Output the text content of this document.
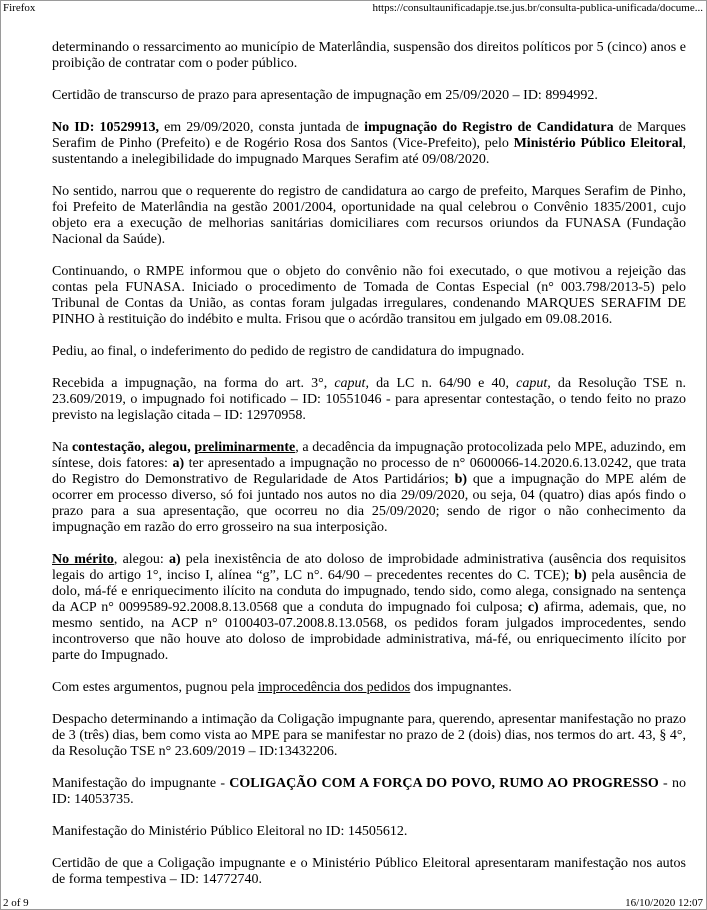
Firefox	https://consultaunificadapje.tse.jus.br/consulta-publica-unificada/docume...

determinando o ressarcimento ao município de Materlândia, suspensão dos direitos políticos por 5 (cinco) anos e proibição de contratar com o poder público.

Certidão de transcurso de prazo para apresentação de impugnação em 25/09/2020 – ID: 8994992.

No ID: 10529913, em 29/09/2020, consta juntada de impugnação do Registro de Candidatura de Marques Serafim de Pinho (Prefeito) e de Rogério Rosa dos Santos (Vice-Prefeito), pelo Ministério Público Eleitoral, sustentando a inelegibilidade do impugnado Marques Serafim até 09/08/2020.

No sentido, narrou que o requerente do registro de candidatura ao cargo de prefeito, Marques Serafim de Pinho, foi Prefeito de Materlândia na gestão 2001/2004, oportunidade na qual celebrou o Convênio 1835/2001, cujo objeto era a execução de melhorias sanitárias domiciliares com recursos oriundos da FUNASA (Fundação Nacional da Saúde).

Continuando, o RMPE informou que o objeto do convênio não foi executado, o que motivou a rejeição das contas pela FUNASA. Iniciado o procedimento de Tomada de Contas Especial (n° 003.798/2013-5) pelo Tribunal de Contas da União, as contas foram julgadas irregulares, condenando MARQUES SERAFIM DE PINHO à restituição do indébito e multa. Frisou que o acórdão transitou em julgado em 09.08.2016.

Pediu, ao final, o indeferimento do pedido de registro de candidatura do impugnado.

Recebida a impugnação, na forma do art. 3°, caput, da LC n. 64/90 e 40, caput, da Resolução TSE n. 23.609/2019, o impugnado foi notificado – ID: 10551046 - para apresentar contestação, o tendo feito no prazo previsto na legislação citada – ID: 12970958.

Na contestação, alegou, preliminarmente, a decadência da impugnação protocolizada pelo MPE, aduzindo, em síntese, dois fatores: a) ter apresentado a impugnação no processo de n° 0600066-14.2020.6.13.0242, que trata do Registro do Demonstrativo de Regularidade de Atos Partidários; b) que a impugnação do MPE além de ocorrer em processo diverso, só foi juntado nos autos no dia 29/09/2020, ou seja, 04 (quatro) dias após findo o prazo para a sua apresentação, que ocorreu no dia 25/09/2020; sendo de rigor o não conhecimento da impugnação em razão do erro grosseiro na sua interposição.

No mérito, alegou: a) pela inexistência de ato doloso de improbidade administrativa (ausência dos requisitos legais do artigo 1°, inciso I, alínea “g”, LC n°. 64/90 – precedentes recentes do C. TCE); b) pela ausência de dolo, má-fé e enriquecimento ilícito na conduta do impugnado, tendo sido, como alega, consignado na sentença da ACP n° 0099589-92.2008.8.13.0568 que a conduta do impugnado foi culposa; c) afirma, ademais, que, no mesmo sentido, na ACP n° 0100403-07.2008.8.13.0568, os pedidos foram julgados improcedentes, sendo incontroverso que não houve ato doloso de improbidade administrativa, má-fé, ou enriquecimento ilícito por parte do Impugnado.

Com estes argumentos, pugnou pela improcedência dos pedidos dos impugnantes.

Despacho determinando a intimação da Coligação impugnante para, querendo, apresentar manifestação no prazo de 3 (três) dias, bem como vista ao MPE para se manifestar no prazo de 2 (dois) dias, nos termos do art. 43, § 4°, da Resolução TSE n° 23.609/2019 – ID:13432206.

Manifestação do impugnante - COLIGAÇÃO COM A FORÇA DO POVO, RUMO AO PROGRESSO - no ID: 14053735.

Manifestação do Ministério Público Eleitoral no ID: 14505612.

Certidão de que a Coligação impugnante e o Ministério Público Eleitoral apresentaram manifestação nos autos de forma tempestiva – ID: 14772740.

2 of 9	16/10/2020 12:07
